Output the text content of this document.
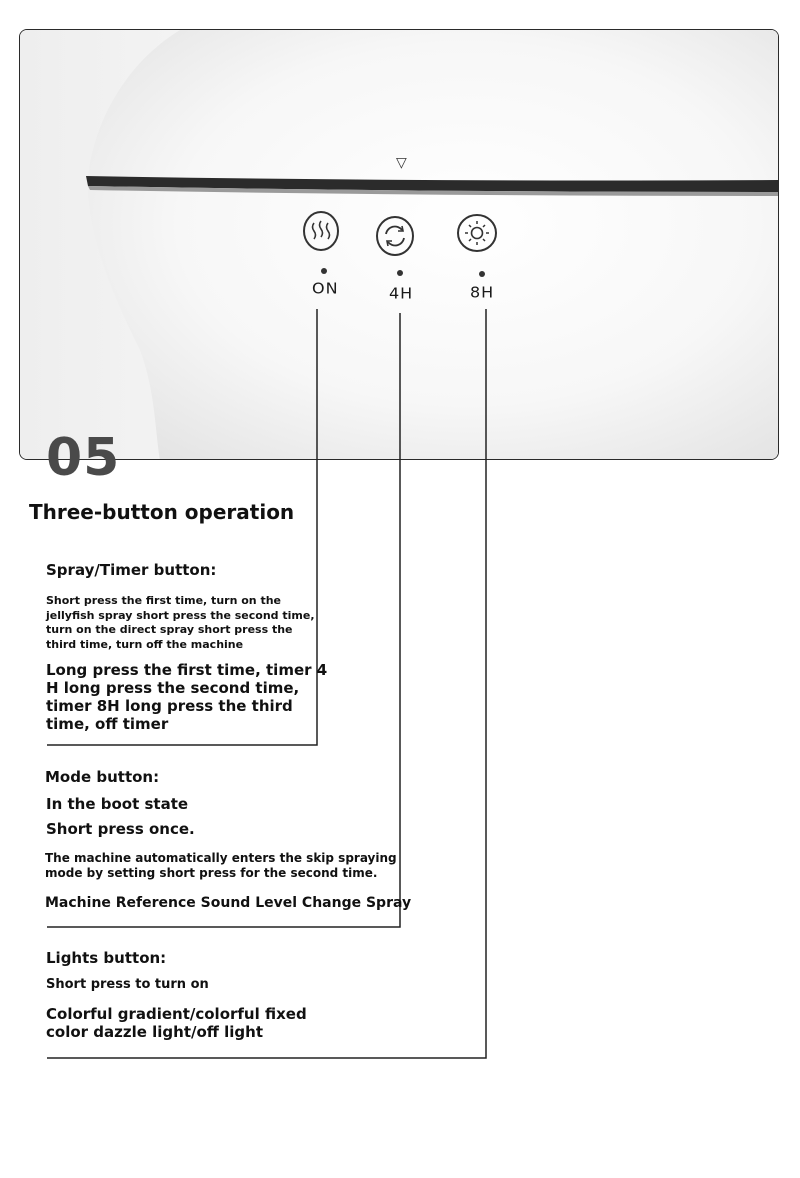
▽
ON	4H	8H
05
Three-button operation
Spray/Timer button:
Short press the first time, turn on the
jellyfish spray short press the second time,
turn on the direct spray short press the
third time, turn off the machine
Long press the first time, timer 4
H long press the second time,
timer 8H long press the third
time, off timer
Mode button:
In the boot state
Short press once.
The machine automatically enters the skip spraying
mode by setting short press for the second time.
Machine Reference Sound Level Change Spray
Lights button:
Short press to turn on
Colorful gradient/colorful fixed
color dazzle light/off light
